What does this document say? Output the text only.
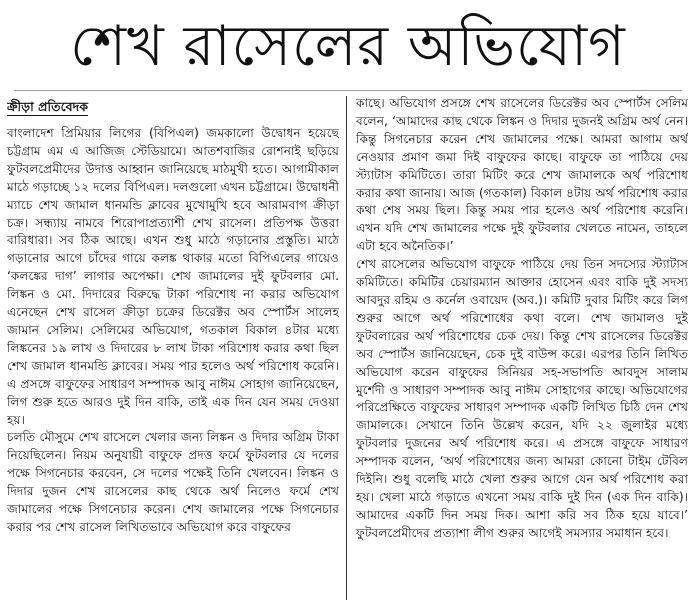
শেখ রাসেলের অভিযোগ
ক্রীড়া প্রতিবেদক

বাংলাদেশ প্রিমিয়ার লিগের (বিপিএল) জমকালো উদ্বোধন হয়েছে চট্টগ্রাম এম এ আজিজ স্টেডিয়ামে। আতশবাজির রোশনাই ছড়িয়ে ফুটবলপ্রেমীদের উদাত্ত আহ্বান জানিয়েছে মাঠমুখী হতে। আগামীকাল মাঠে গড়াচ্ছে ১২ দলের বিপিএল। দলগুলো এখন চট্টগ্রামে। উদ্বোধনী ম্যাচে শেখ জামাল ধানমন্ডি ক্লাবের মুখোমুখি হবে আরামবাগ ক্রীড়া চক্র। সন্ধ্যায় নামবে শিরোপাপ্রত্যাশী শেখ রাসেল। প্রতিপক্ষ উত্তরা বারিধারা। সব ঠিক আছে। এখন শুধু মাঠে গড়ানোর প্রস্তুতি। মাঠে গড়ানোর আগে চাঁদের গায়ে কলঙ্ক থাকার মতো বিপিএলের গায়েও ‘কলঙ্কের দাগ’ লাগার অপেক্ষা। শেখ জামালের দুই ফুটবলার মো. লিঙ্কন ও মো. দিদারের বিরুদ্ধে টাকা পরিশোধ না করার অভিযোগ এনেছেন শেখ রাসেল ক্রীড়া চক্রের ডিরেক্টর অব স্পোর্টস সালেহ জামান সেলিম। সেলিমের অভিযোগ, গতকাল বিকাল ৪টার মধ্যে লিঙ্কনের ১৯ লাখ ও দিদারের ৮ লাখ টাকা পরিশোধ করার কথা ছিল শেখ জামাল ধানমন্ডি ক্লাবের। সময় পার হলেও অর্থ পরিশোধ করেনি। এ প্রসঙ্গে বাফুফের সাধারণ সম্পাদক আবু নাঈম সোহাগ জানিয়েছেন, লিগ শুরু হতে আরও দুই দিন বাকি, তাই এক দিন যেন সময় দেওয়া হয়।

চলতি মৌসুমে শেখ রাসেলে খেলার জন্য লিঙ্কন ও দিদার অগ্রিম টাকা নিয়েছিলেন। নিয়ম অনুযায়ী বাফুফে প্রদত্ত ফর্মে ফুটবলার যে দলের পক্ষে সিগনেচার করবেন, সে দলের পক্ষেই তিনি খেলবেন। লিঙ্কন ও দিদার দুজন শেখ রাসেলের কাছ থেকে অর্থ নিলেও ফর্মে শেখ জামালের পক্ষে সিগনেচার করেন। শেখ জামালের পক্ষে সিগনেচার করার পর শেখ রাসেল লিখিতভাবে অভিযোগ করে বাফুফের

কাছে। অভিযোগ প্রসঙ্গে শেখ রাসেলের ডিরেক্টর অব স্পোর্টস সেলিম বলেন, ‘আমাদের কাছ থেকে লিঙ্কন ও দিদার দুজনই অগ্রিম অর্থ নেন। কিন্তু সিগনেচার করেন শেখ জামালের পক্ষে। আমরা আগাম অর্থ নেওয়ার প্রমাণ জমা দিই বাফুফের কাছে। বাফুফে তা পাঠিয়ে দেয় স্ট্যাটাস কমিটিতে। তারা মিটিং করে শেখ জামালকে অর্থ পরিশোধ করার কথা জানায়। আজ (গতকাল) বিকাল ৪টায় অর্থ পরিশোধ করার কথা শেষ সময় ছিল। কিন্তু সময় পার হলেও অর্থ পরিশোধ করেনি। এখন যদি শেখ জামালের পক্ষে দুই ফুটবলার খেলতে নামেন, তাহলে এটা হবে অনৈতিক।’

শেখ রাসেলের অভিযোগ বাফুফে পাঠিয়ে দেয় তিন সদস্যের স্ট্যাটাস কমিটিতে। কমিটির চেয়ারম্যান আক্তার হোসেন এবং বাকি দুই সদস্য আবদুর রহিম ও কর্নেল ওবায়েদ (অব.)। কমিটি দুবার মিটিং করে লিগ শুরুর আগে অর্থ পরিশোধের কথা বলে। শেখ জামালও দুই ফুটবলারের অর্থ পরিশোধের চেক দেয়। কিন্তু শেখ রাসেলের ডিরেক্টর অব স্পোর্টস জানিয়েছেন, চেক দুই বাউন্স করে। এরপর তিনি লিখিত অভিযোগ করেন বাফুফের সিনিয়র সহ-সভাপতি আবদুস সালাম মুর্শেদী ও সাধারণ সম্পাদক আবু নাঈম সোহাগের কাছে। অভিযোগের পরিপ্রেক্ষিতে বাফুফের সাধারণ সম্পাদক একটি লিখিত চিঠি দেন শেখ জামালকে। সেখানে তিনি উল্লেখ করেন, যদি ২২ জুলাইর মধ্যে ফুটবলার দুজনের অর্থ পরিশোধ করে। এ প্রসঙ্গে বাফুফে সাধারণ সম্পাদক বলেন, ‘অর্থ পরিশোধের জন্য আমরা কোনো টাইম টেবিল দিইনি। শুধু বলেছি মাঠে খেলা শুরুর আগে যেন অর্থ পরিশোধ করা হয়। খেলা মাঠে গড়াতে এখনো সময় বাকি দুই দিন (এক দিন বাকি)। আমাদের একটি দিন সময় দিক। আশা করি সব ঠিক হয়ে যাবে।’ ফুটবলপ্রেমীদের প্রত্যাশা লীগ শুরুর আগেই সমস্যার সমাধান হবে।
